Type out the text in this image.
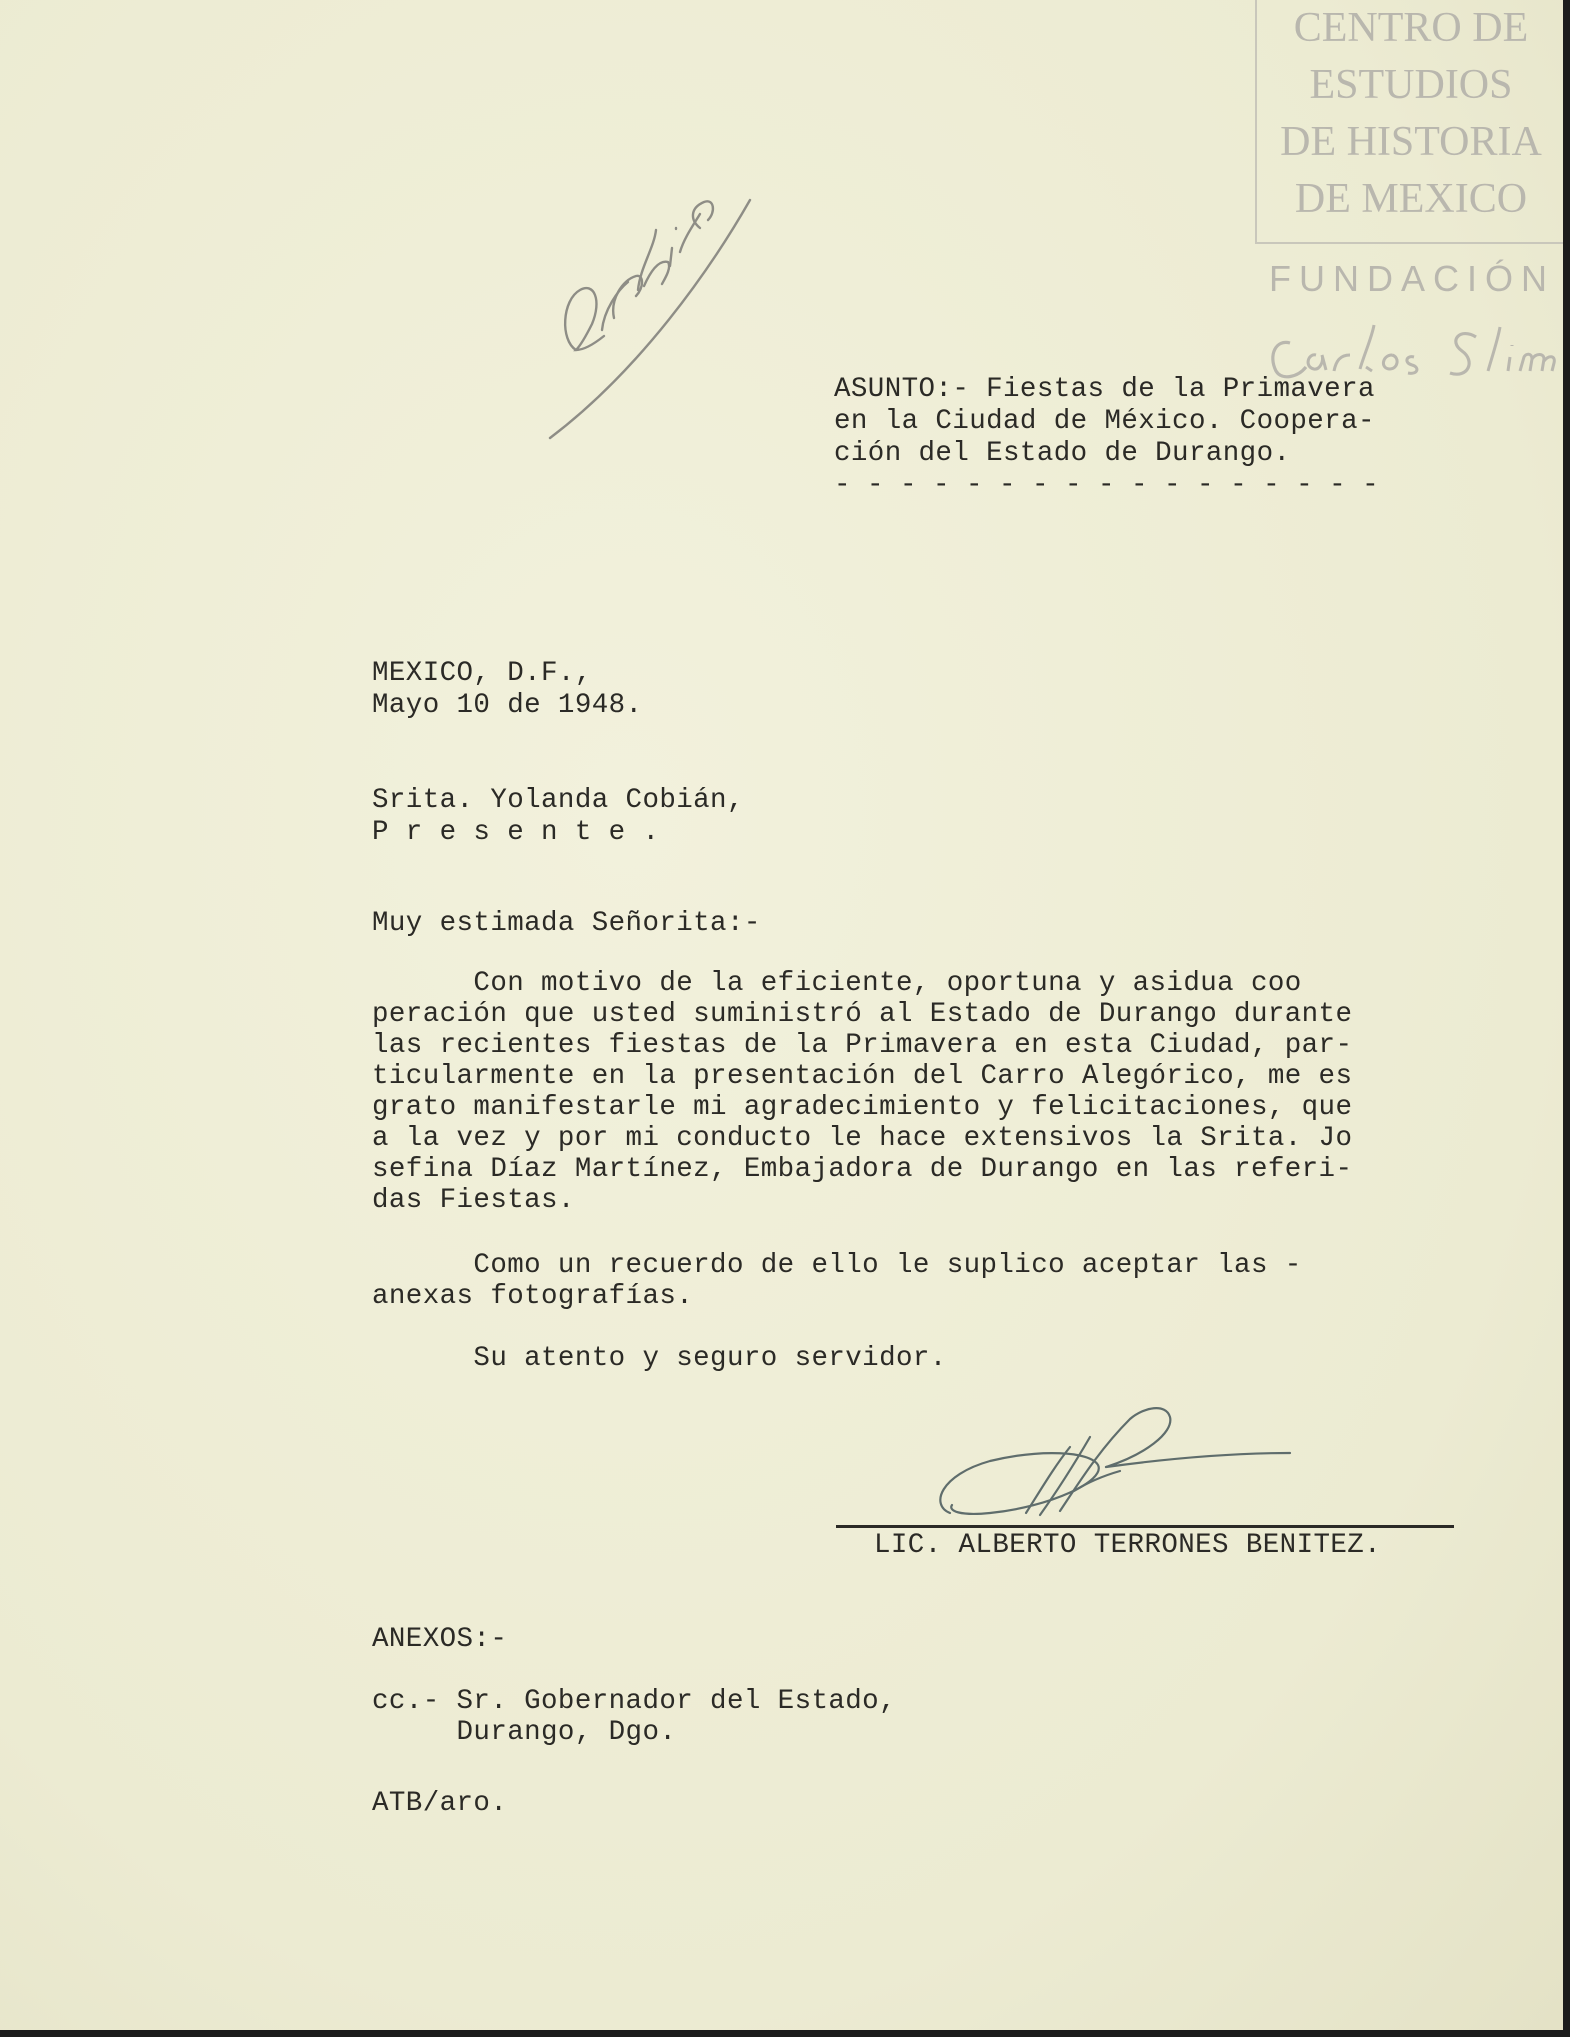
CENTRO DE
ESTUDIOS
DE HISTORIA
DE MEXICO
FUNDACIÓN
ASUNTO:- Fiestas de la Primavera
en la Ciudad de México. Coopera-
ción del Estado de Durango.
- - - - - - - - - - - - - - - - -
MEXICO, D.F.,
Mayo 10 de 1948.
Srita. Yolanda Cobián,
P r e s e n t e .
Muy estimada Señorita:-
Con motivo de la eficiente, oportuna y asidua coo
peración que usted suministró al Estado de Durango durante
las recientes fiestas de la Primavera en esta Ciudad, par-
ticularmente en la presentación del Carro Alegórico, me es
grato manifestarle mi agradecimiento y felicitaciones, que
a la vez y por mi conducto le hace extensivos la Srita. Jo
sefina Díaz Martínez, Embajadora de Durango en las referi-
das Fiestas.
Como un recuerdo de ello le suplico aceptar las -
anexas fotografías.
Su atento y seguro servidor.
LIC. ALBERTO TERRONES BENITEZ.
ANEXOS:-
cc.- Sr. Gobernador del Estado,
Durango, Dgo.
ATB/aro.
